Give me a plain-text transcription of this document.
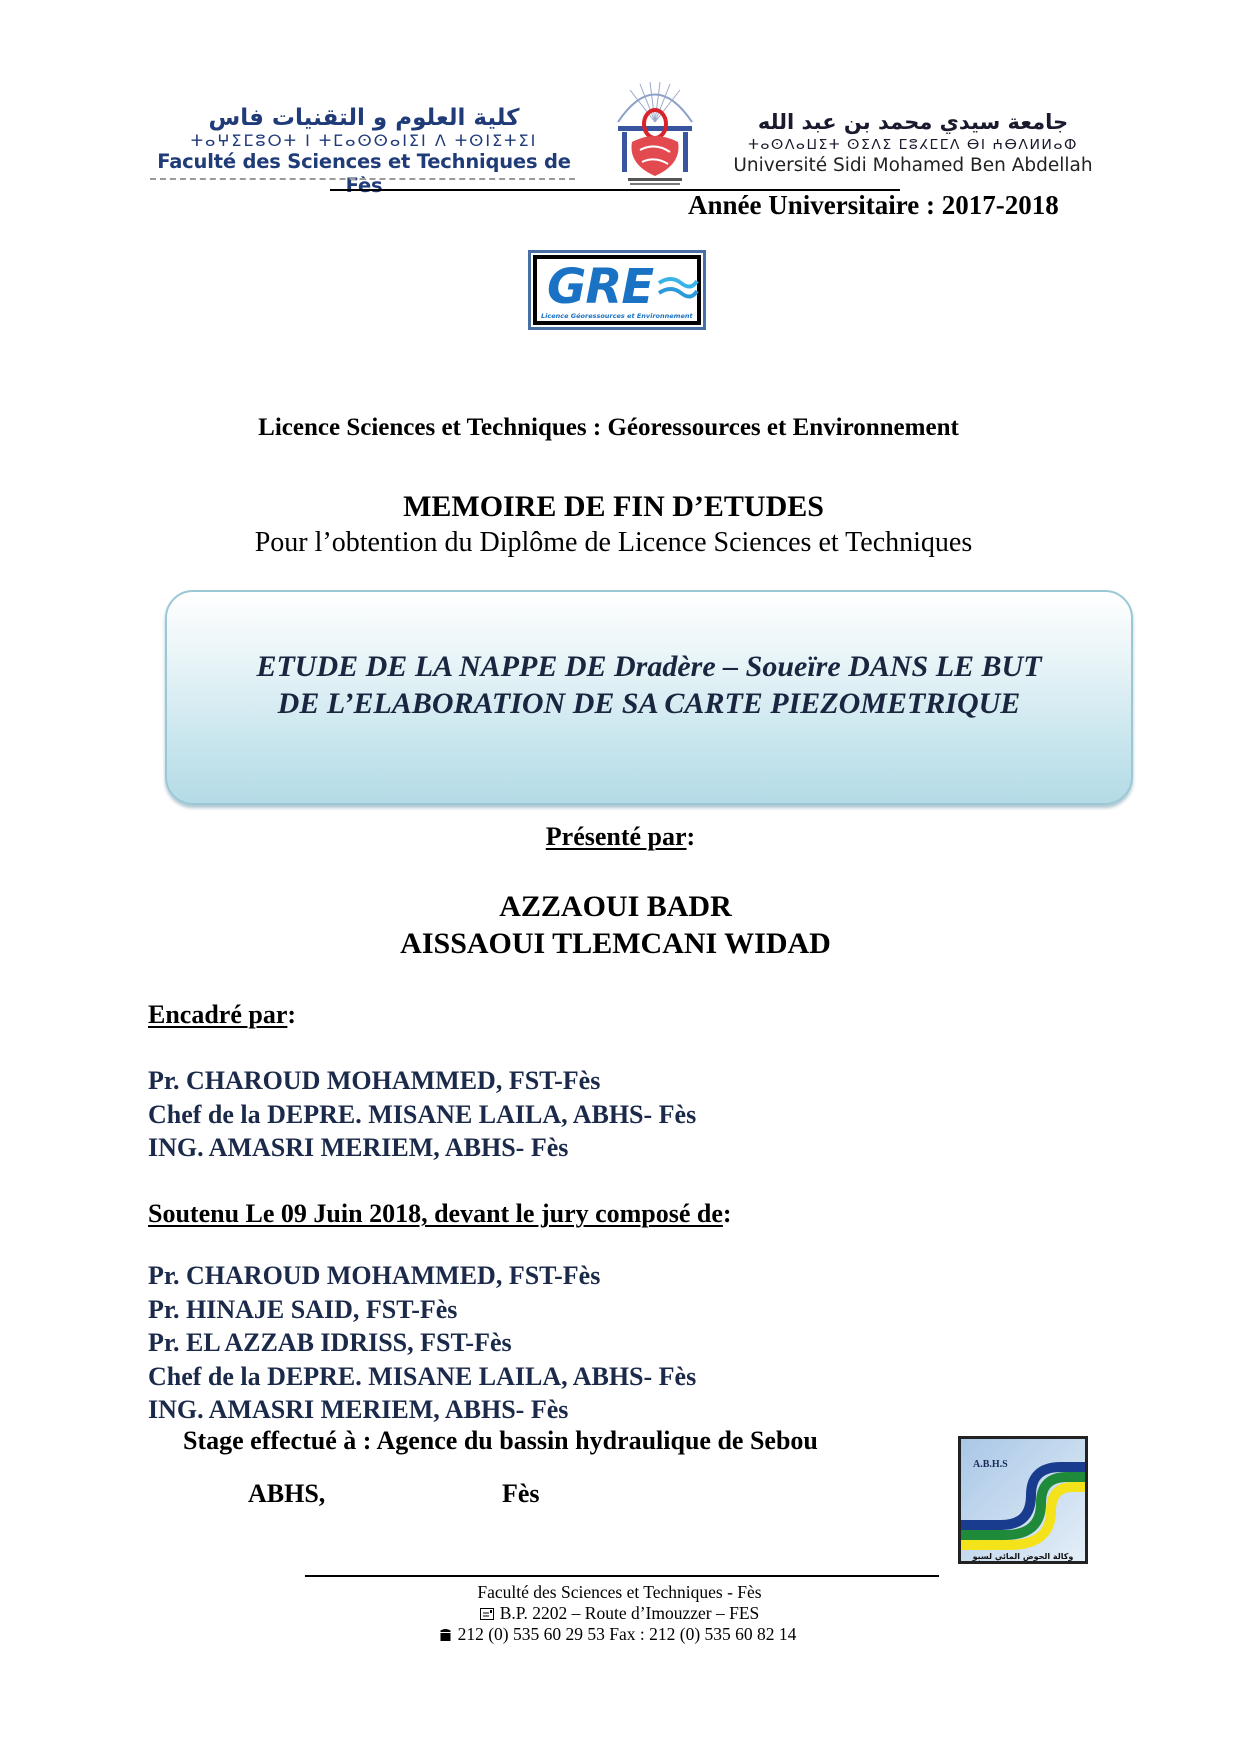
كلية العلوم و التقنيات فاس
ⵜⴰⵖⵉⵎⵓⵔⵜ ⵏ ⵜⵎⴰⵙⵙⴰⵏⵉⵏ ⴷ ⵜⵙⵏⵉⵜⵉⵏ
Faculté des Sciences et Techniques de Fès
جامعة سيدي محمد بن عبد الله
ⵜⴰⵙⴷⴰⵡⵉⵜ ⵙⵉⴷⵉ ⵎⵓⵃⵎⵎⴷ ⴱⵏ ⵄⴱⴷⵍⵍⴰⵀ
Université Sidi Mohamed Ben Abdellah
Année Universitaire : 2017-2018
GRE
Licence Géoressources et Environnement
Licence Sciences et Techniques : Géoressources et Environnement
MEMOIRE DE FIN D’ETUDES
Pour l’obtention du Diplôme de Licence Sciences et Techniques
ETUDE DE LA NAPPE DE Dradère – Soueïre DANS LE BUT
DE L’ELABORATION DE SA CARTE PIEZOMETRIQUE
Présenté par:
AZZAOUI BADR
AISSAOUI TLEMCANI WIDAD
Encadré par:
Pr. CHAROUD MOHAMMED, FST-Fès
Chef de la DEPRE. MISANE LAILA, ABHS- Fès
ING. AMASRI MERIEM, ABHS- Fès
Soutenu Le 09 Juin 2018, devant le jury composé de:
Pr. CHAROUD MOHAMMED, FST-Fès
Pr. HINAJE SAID, FST-Fès
Pr. EL AZZAB IDRISS, FST-Fès
Chef de la DEPRE. MISANE LAILA, ABHS- Fès
ING. AMASRI MERIEM, ABHS- Fès
Stage effectué à : Agence du bassin hydraulique de Sebou
ABHS,	Fès
A.B.H.S
وكالة الحوض المائي لسبو
Faculté des Sciences et Techniques - Fès
B.P. 2202 – Route d’Imouzzer – FES
212 (0) 535 60 29 53 Fax : 212 (0) 535 60 82 14
